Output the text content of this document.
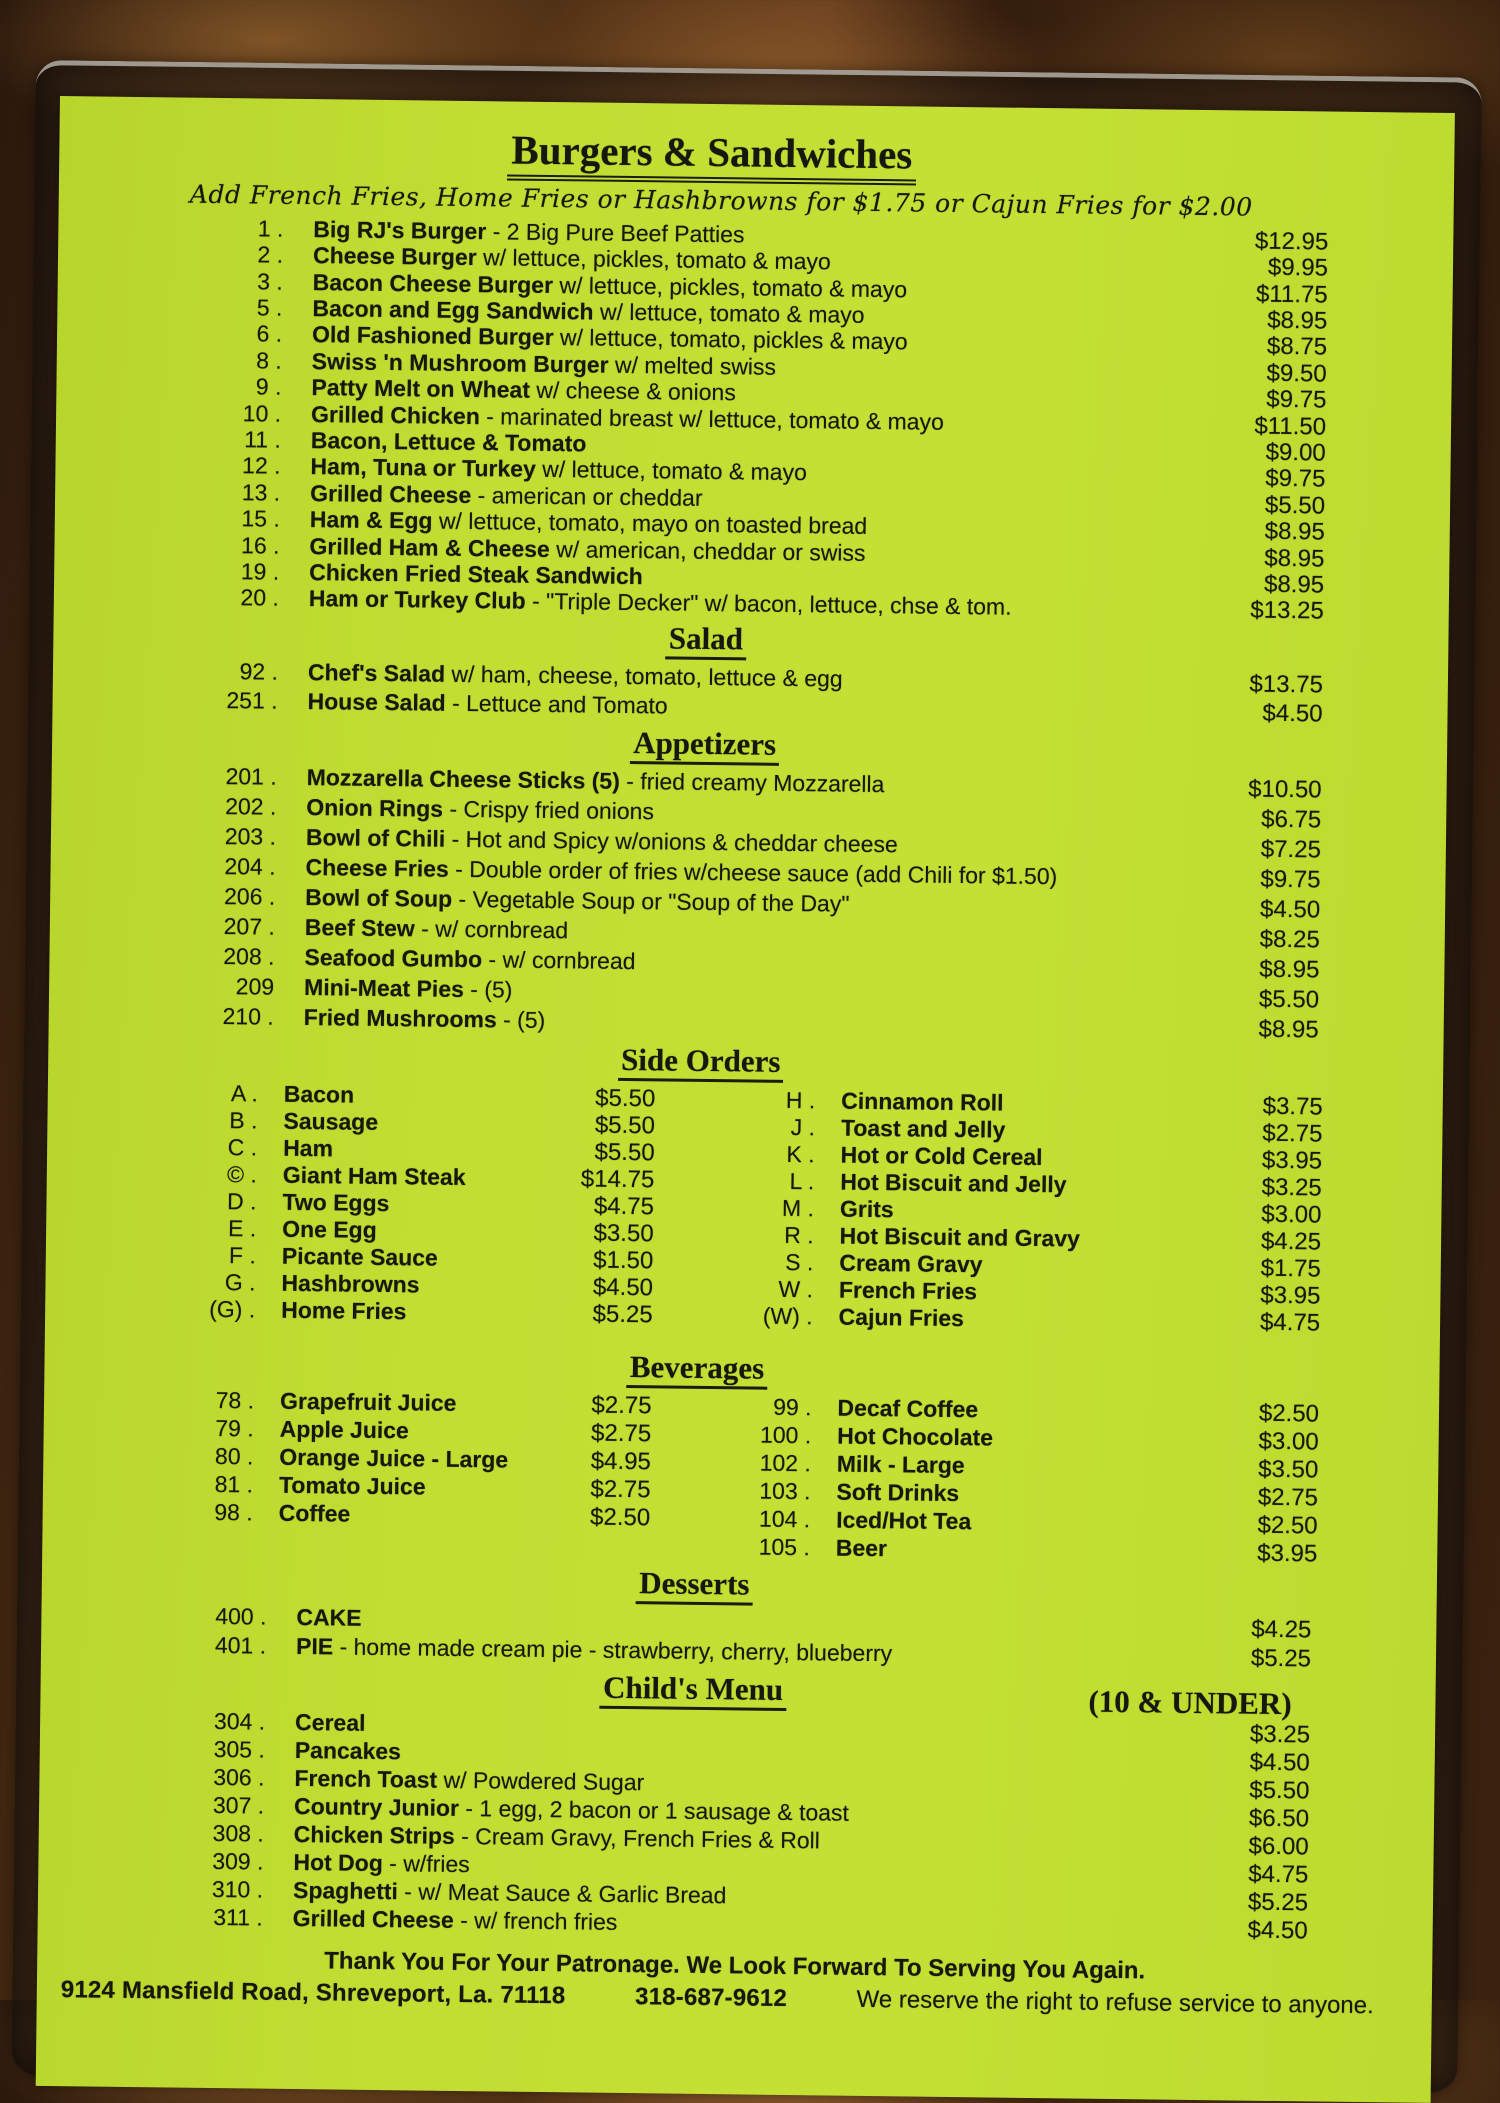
Burgers & Sandwiches
Add French Fries, Home Fries or Hashbrowns for $1.75 or Cajun Fries for $2.00
1 . Big RJ's Burger - 2 Big Pure Beef Patties	$12.95
2 . Cheese Burger w/ lettuce, pickles, tomato & mayo	$9.95
3 . Bacon Cheese Burger w/ lettuce, pickles, tomato & mayo	$11.75
5 . Bacon and Egg Sandwich w/ lettuce, tomato & mayo	$8.95
6 . Old Fashioned Burger w/ lettuce, tomato, pickles & mayo	$8.75
8 . Swiss 'n Mushroom Burger w/ melted swiss	$9.50
9 . Patty Melt on Wheat w/ cheese & onions	$9.75
10 . Grilled Chicken - marinated breast w/ lettuce, tomato & mayo	$11.50
11 . Bacon, Lettuce & Tomato	$9.00
12 . Ham, Tuna or Turkey w/ lettuce, tomato & mayo	$9.75
13 . Grilled Cheese - american or cheddar	$5.50
15 . Ham & Egg w/ lettuce, tomato, mayo on toasted bread	$8.95
16 . Grilled Ham & Cheese w/ american, cheddar or swiss	$8.95
19 . Chicken Fried Steak Sandwich	$8.95
20 . Ham or Turkey Club - "Triple Decker" w/ bacon, lettuce, chse & tom.	$13.25
Salad
92 . Chef's Salad w/ ham, cheese, tomato, lettuce & egg	$13.75
251 . House Salad - Lettuce and Tomato	$4.50
Appetizers
201 . Mozzarella Cheese Sticks (5) - fried creamy Mozzarella	$10.50
202 . Onion Rings - Crispy fried onions	$6.75
203 . Bowl of Chili - Hot and Spicy w/onions & cheddar cheese	$7.25
204 . Cheese Fries - Double order of fries w/cheese sauce (add Chili for $1.50)	$9.75
206 . Bowl of Soup - Vegetable Soup or "Soup of the Day"	$4.50
207 . Beef Stew - w/ cornbread	$8.25
208 . Seafood Gumbo - w/ cornbread	$8.95
209 Mini-Meat Pies - (5)	$5.50
210 . Fried Mushrooms - (5)	$8.95
Side Orders
A . Bacon	$5.50
B . Sausage	$5.50
C . Ham	$5.50
© . Giant Ham Steak	$14.75
D . Two Eggs	$4.75
E . One Egg	$3.50
F . Picante Sauce	$1.50
G . Hashbrowns	$4.50
(G) . Home Fries	$5.25
H . Cinnamon Roll	$3.75
J . Toast and Jelly	$2.75
K . Hot or Cold Cereal	$3.95
L . Hot Biscuit and Jelly	$3.25
M . Grits	$3.00
R . Hot Biscuit and Gravy	$4.25
S . Cream Gravy	$1.75
W . French Fries	$3.95
(W) . Cajun Fries	$4.75
Beverages
78 . Grapefruit Juice	$2.75
79 . Apple Juice	$2.75
80 . Orange Juice - Large	$4.95
81 . Tomato Juice	$2.75
98 . Coffee	$2.50
99 . Decaf Coffee	$2.50
100 . Hot Chocolate	$3.00
102 . Milk - Large	$3.50
103 . Soft Drinks	$2.75
104 . Iced/Hot Tea	$2.50
105 . Beer	$3.95
Desserts
400 . CAKE	$4.25
401 . PIE - home made cream pie - strawberry, cherry, blueberry	$5.25
Child's Menu	(10 & UNDER)
304 . Cereal	$3.25
305 . Pancakes	$4.50
306 . French Toast w/ Powdered Sugar	$5.50
307 . Country Junior - 1 egg, 2 bacon or 1 sausage & toast	$6.50
308 . Chicken Strips - Cream Gravy, French Fries & Roll	$6.00
309 . Hot Dog - w/fries	$4.75
310 . Spaghetti - w/ Meat Sauce & Garlic Bread	$5.25
311 . Grilled Cheese - w/ french fries	$4.50
Thank You For Your Patronage. We Look Forward To Serving You Again.
9124 Mansfield Road, Shreveport, La. 71118	318-687-9612	We reserve the right to refuse service to anyone.
